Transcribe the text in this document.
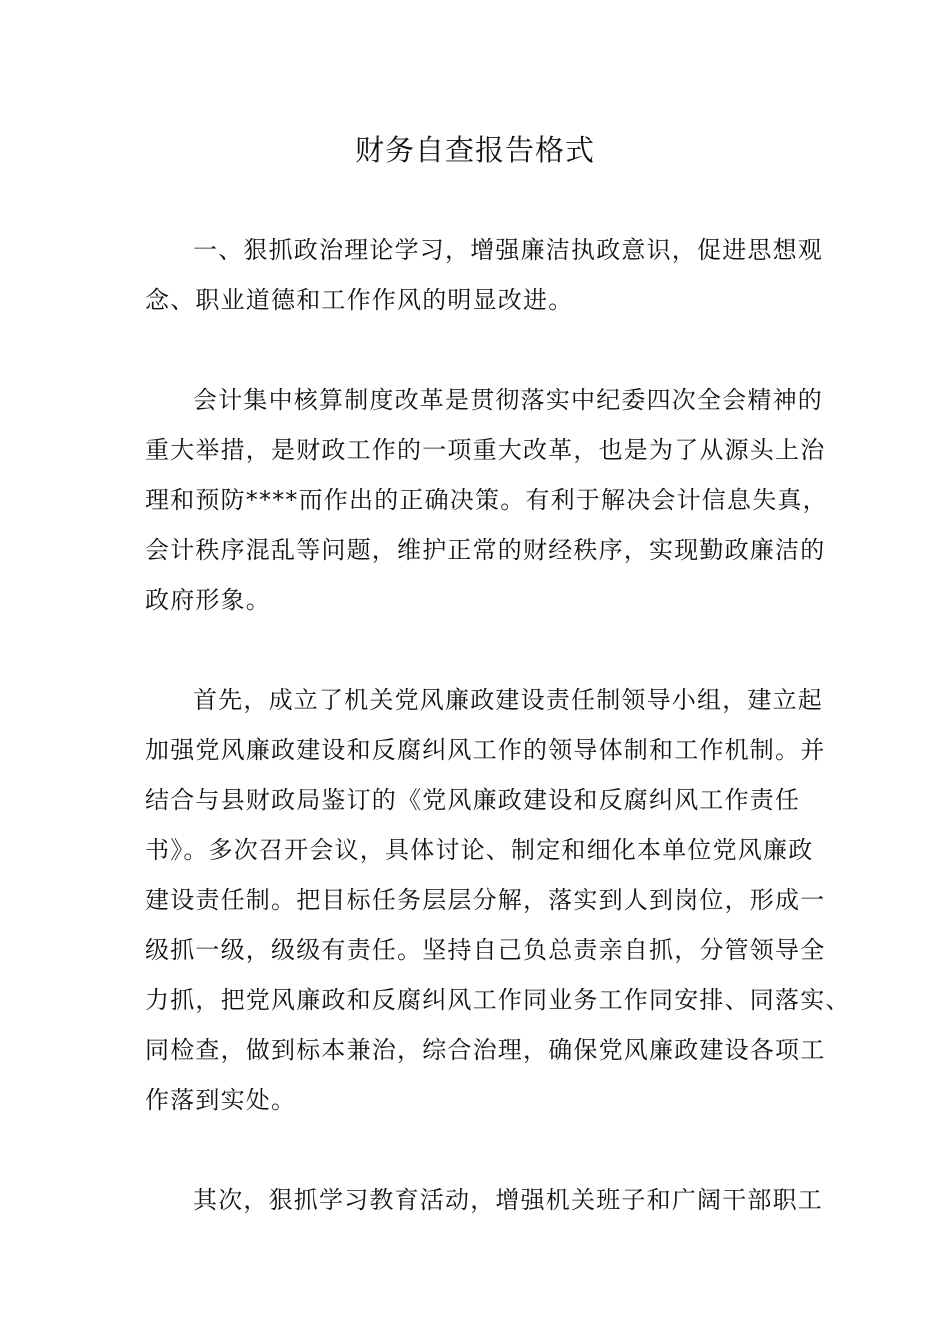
财务自查报告格式
一、狠抓政治理论学习，增强廉洁执政意识，促进思想观
念、职业道德和工作作风的明显改进。
会计集中核算制度改革是贯彻落实中纪委四次全会精神的
重大举措，是财政工作的一项重大改革，也是为了从源头上治
理和预防****而作出的正确决策。有利于解决会计信息失真，
会计秩序混乱等问题，维护正常的财经秩序，实现勤政廉洁的
政府形象。
首先，成立了机关党风廉政建设责任制领导小组，建立起
加强党风廉政建设和反腐纠风工作的领导体制和工作机制。并
结合与县财政局鉴订的《党风廉政建设和反腐纠风工作责任
书》。多次召开会议，具体讨论、制定和细化本单位党风廉政
建设责任制。把目标任务层层分解，落实到人到岗位，形成一
级抓一级，级级有责任。坚持自己负总责亲自抓，分管领导全
力抓，把党风廉政和反腐纠风工作同业务工作同安排、同落实、
同检查，做到标本兼治，综合治理，确保党风廉政建设各项工
作落到实处。
其次，狠抓学习教育活动，增强机关班子和广阔干部职工
